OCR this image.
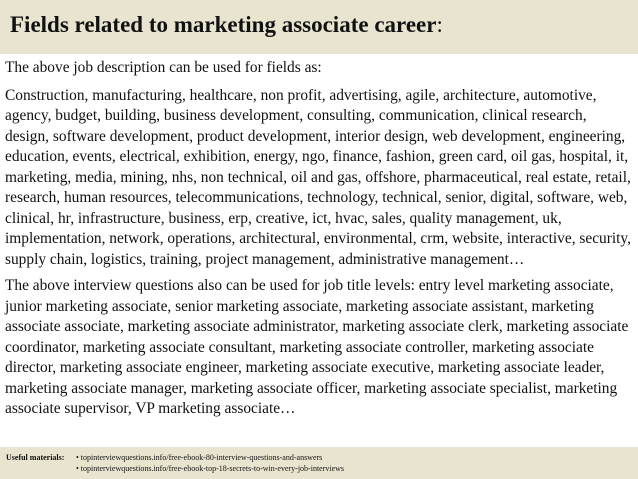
Fields related to marketing associate career:

The above job description can be used for fields as:

Construction, manufacturing, healthcare, non profit, advertising, agile, architecture, automotive, agency, budget, building, business development, consulting, communication, clinical research, design, software development, product development, interior design, web development, engineering, education, events, electrical, exhibition, energy, ngo, finance, fashion, green card, oil gas, hospital, it, marketing, media, mining, nhs, non technical, oil and gas, offshore, pharmaceutical, real estate, retail, research, human resources, telecommunications, technology, technical, senior, digital, software, web, clinical, hr, infrastructure, business, erp, creative, ict, hvac, sales, quality management, uk, implementation, network, operations, architectural, environmental, crm, website, interactive, security, supply chain, logistics, training, project management, administrative management…

The above interview questions also can be used for job title levels: entry level marketing associate, junior marketing associate, senior marketing associate, marketing associate assistant, marketing associate associate, marketing associate administrator, marketing associate clerk, marketing associate coordinator, marketing associate consultant, marketing associate controller, marketing associate director, marketing associate engineer, marketing associate executive, marketing associate leader, marketing associate manager, marketing associate officer, marketing associate specialist, marketing associate supervisor, VP marketing associate…

Useful materials: • topinterviewquestions.info/free-ebook-80-interview-questions-and-answers
• topinterviewquestions.info/free-ebook-top-18-secrets-to-win-every-job-interviews
